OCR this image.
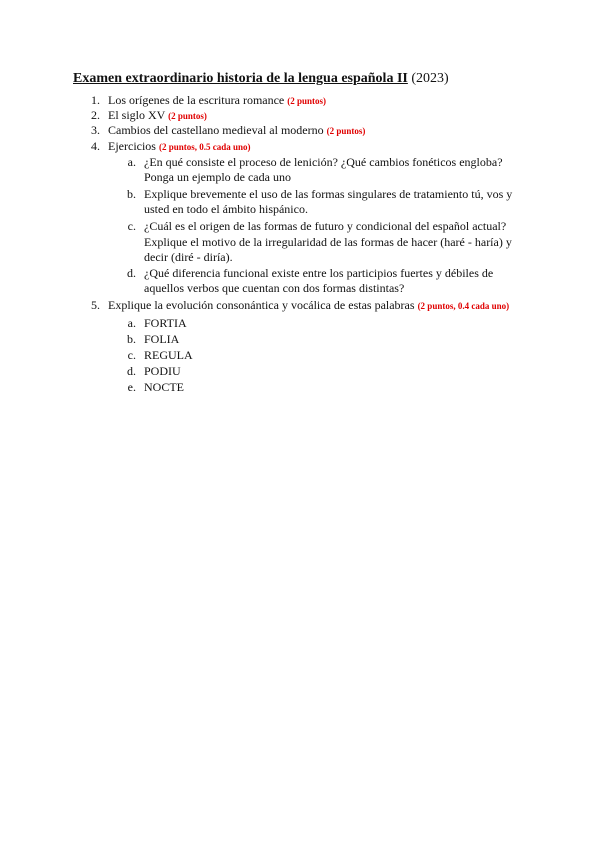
Examen extraordinario historia de la lengua española II (2023)
1. Los orígenes de la escritura romance (2 puntos)
2. El siglo XV (2 puntos)
3. Cambios del castellano medieval al moderno (2 puntos)
4. Ejercicios (2 puntos, 0.5 cada uno)
a. ¿En qué consiste el proceso de lenición? ¿Qué cambios fonéticos engloba?
Ponga un ejemplo de cada uno
b. Explique brevemente el uso de las formas singulares de tratamiento tú, vos y
usted en todo el ámbito hispánico.
c. ¿Cuál es el origen de las formas de futuro y condicional del español actual?
Explique el motivo de la irregularidad de las formas de hacer (haré - haría) y
decir (diré - diría).
d. ¿Qué diferencia funcional existe entre los participios fuertes y débiles de
aquellos verbos que cuentan con dos formas distintas?
5. Explique la evolución consonántica y vocálica de estas palabras (2 puntos, 0.4 cada uno)
a. FORTIA
b. FOLIA
c. REGULA
d. PODIU
e. NOCTE
